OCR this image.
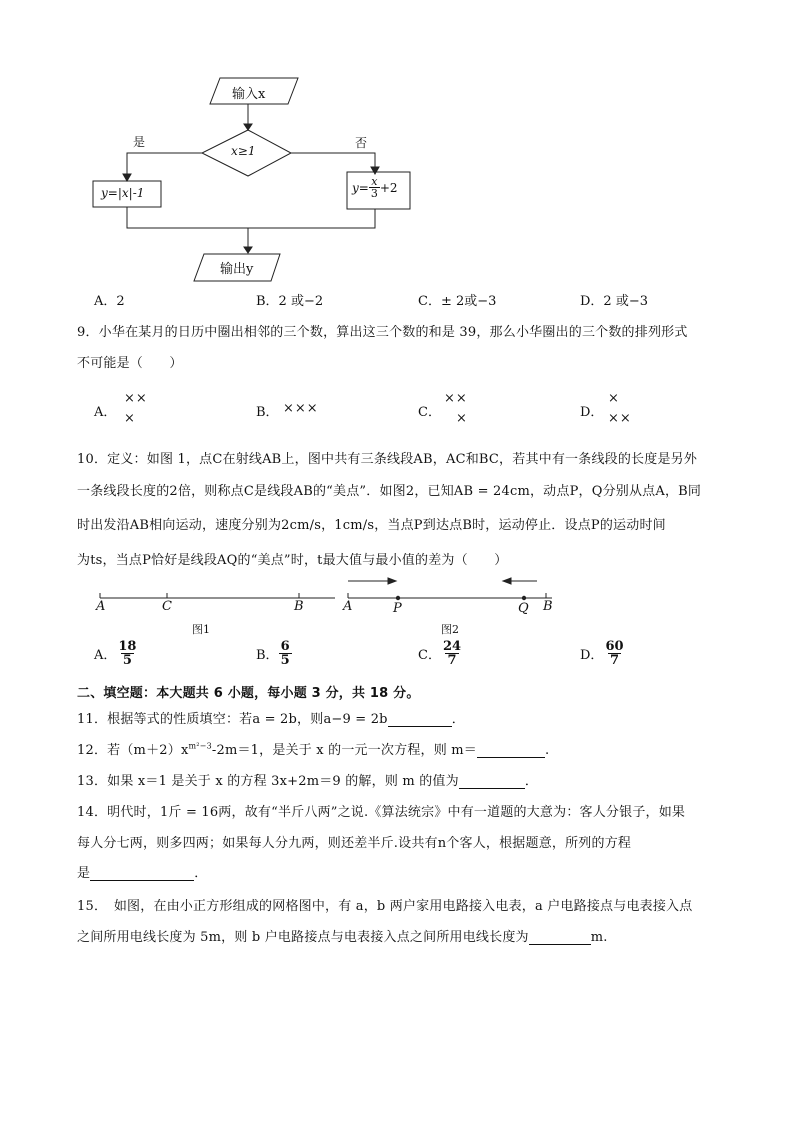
输入x
x≥1
是	否
y=|x|-1	$y= \frac{x}{3} +2$
输出y
A．2	B．2 或−2	C．± 2或−3	D．2 或−3
9．小华在某月的日历中圈出相邻的三个数，算出这三个数的和是 39，那么小华圈出的三个数的排列形式
不可能是（　　）
A．
××
×	B． ×××	C．
××
×	D．
×
××
10．定义：如图 1，点C在射线AB上，图中共有三条线段AB，AC和BC，若其中有一条线段的长度是另外
一条线段长度的2倍，则称点C是线段AB的“美点”．如图2，已知AB = 24cm，动点P，Q分别从点A，B同
时出发沿AB相向运动，速度分别为2cm/s，1cm/s，当点P到达点B时，运动停止．设点P的运动时间
为ts，当点P恰好是线段AQ的“美点”时，t最大值与最小值的差为（　　）
A	C	B	A	P	Q B
图1	图2
A． $\frac{18}{5}$	B． $\frac{6}{5}$	C． $\frac{24}{7}$	D． $\frac{60}{7}$
二、填空题：本大题共 6 小题，每小题 3 分，共 18 分。
11．根据等式的性质填空：若a = 2b，则a−9 = 2b	．
12．若$(m+2)x^{m^2-3}-2m=1$，是关于 x 的一元一次方程，则 m＝	.
13．如果 x＝1 是关于 x 的方程 3x+2m＝9 的解，则 m 的值为	．
14．明代时，1斤 = 16两，故有“半斤八两”之说.《算法统宗》中有一道题的大意为：客人分银子，如果
每人分七两，则多四两；如果每人分九两，则还差半斤.设共有n个客人，根据题意，所列的方程
是	．
15．　如图，在由小正方形组成的网格图中，有 a，b 两户家用电路接入电表，a 户电路接点与电表接入点
之间所用电线长度为 5m，则 b 户电路接点与电表接入点之间所用电线长度为	m.
